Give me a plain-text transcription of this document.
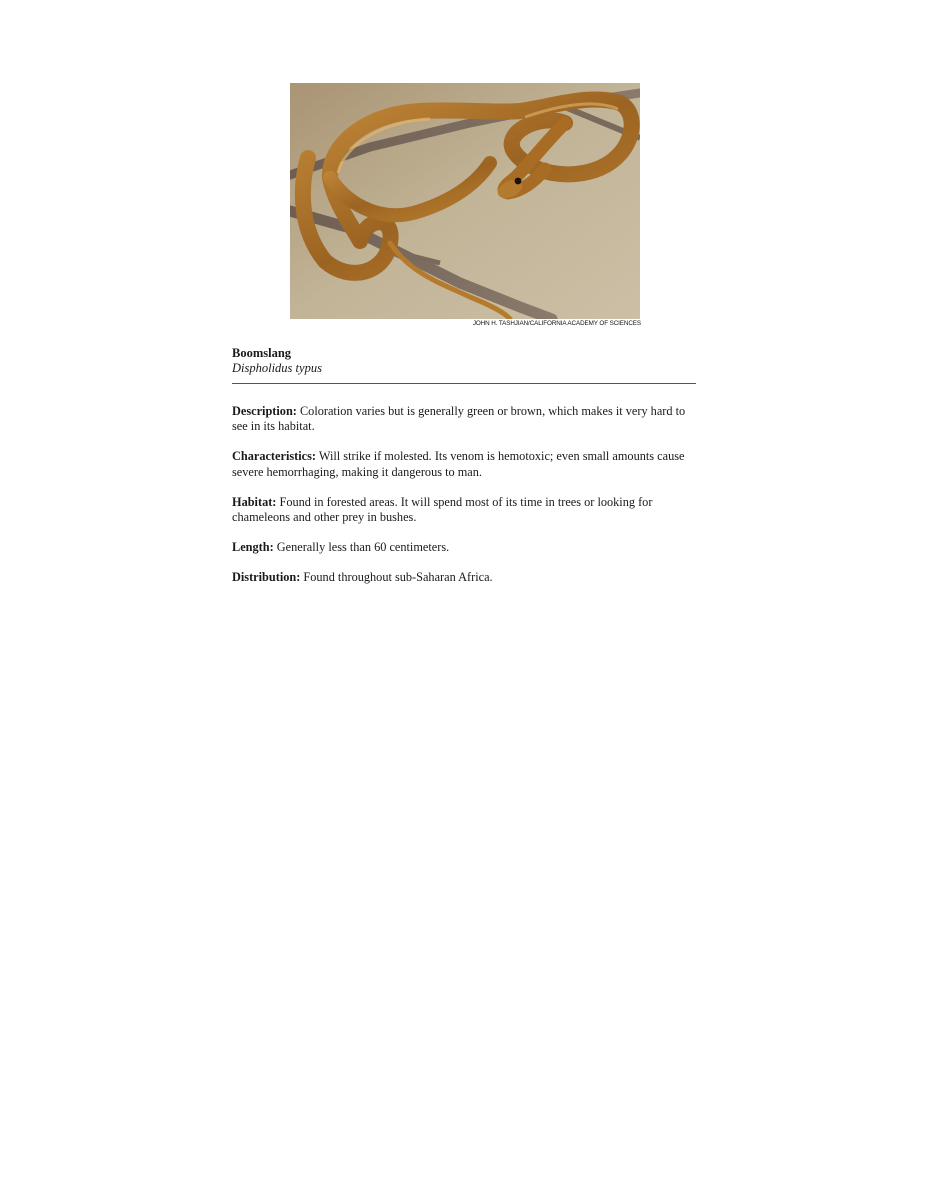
JOHN H. TASHJIAN/CALIFORNIA ACADEMY OF SCIENCES
Boomslang
Dispholidus typus

Description: Coloration varies but is generally green or brown, which makes it very hard to see in its habitat.

Characteristics: Will strike if molested. Its venom is hemotoxic; even small amounts cause severe hemorrhaging, making it dangerous to man.

Habitat: Found in forested areas. It will spend most of its time in trees or looking for chameleons and other prey in bushes.

Length: Generally less than 60 centimeters.

Distribution: Found throughout sub-Saharan Africa.
